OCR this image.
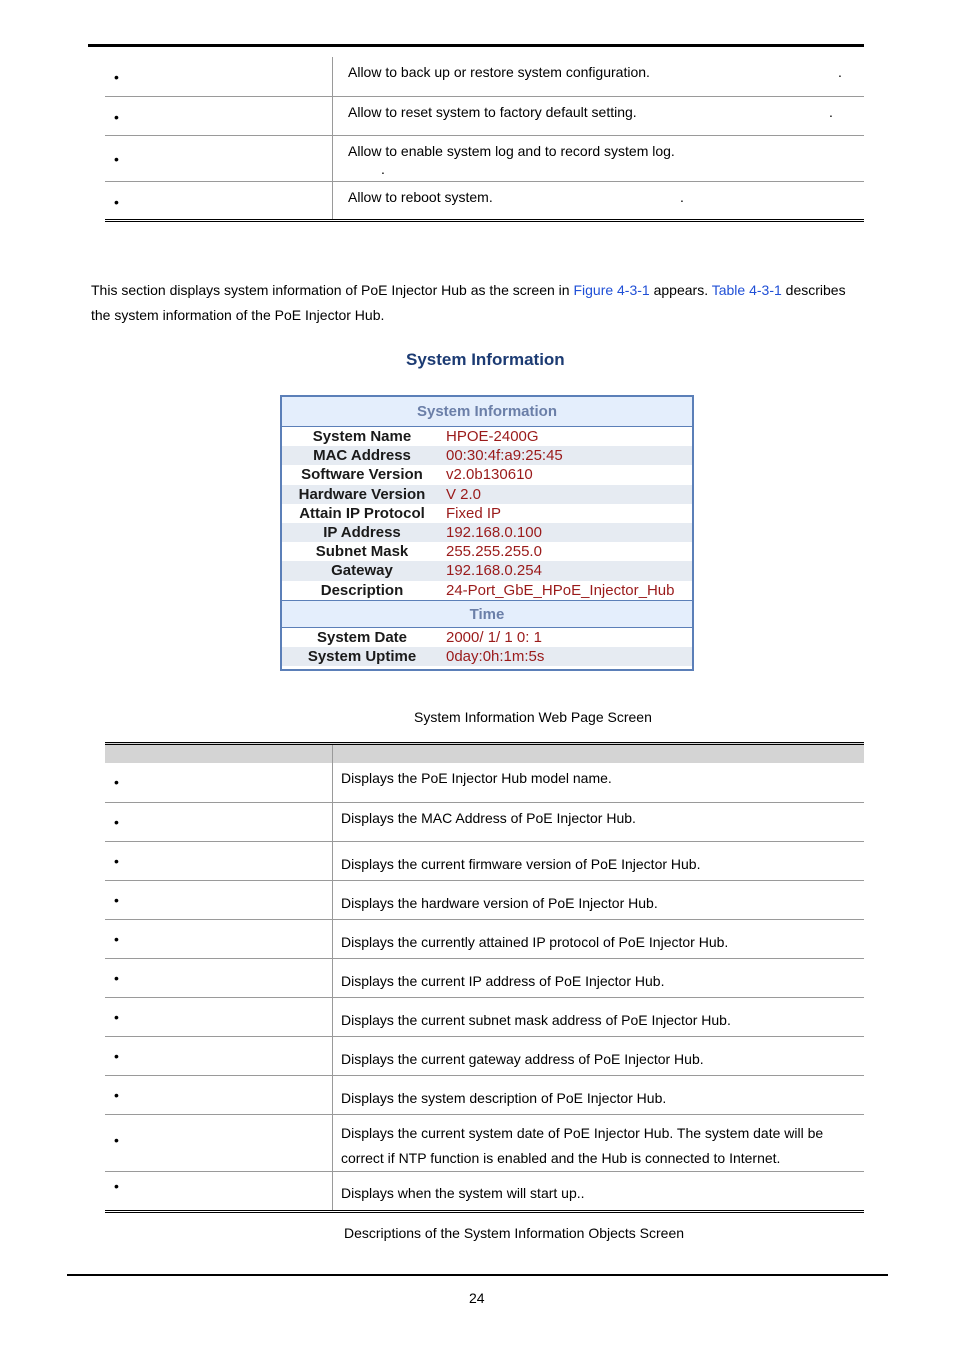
•	Allow to back up or restore system configuration. .

•	Allow to reset system to factory default setting. .

•	Allow to enable system log and to record system log.
.

•	Allow to reboot system. .
This section displays system information of PoE Injector Hub as the screen in Figure 4-3-1 appears. Table 4-3-1 describes the system information of the PoE Injector Hub.
System Information
System Information
System Name	HPOE-2400G
MAC Address	00:30:4f:a9:25:45
Software Version	v2.0b130610
Hardware Version	V 2.0
Attain IP Protocol	Fixed IP
IP Address	192.168.0.100
Subnet Mask	255.255.255.0
Gateway	192.168.0.254
Description	24-Port_GbE_HPoE_Injector_Hub
Time
System Date	2000/ 1/ 1 0: 1
System Uptime	0day:0h:1m:5s
System Information Web Page Screen
•	Displays the PoE Injector Hub model name.

•	Displays the MAC Address of PoE Injector Hub.

•	Displays the current firmware version of PoE Injector Hub.

•	Displays the hardware version of PoE Injector Hub.

•	Displays the currently attained IP protocol of PoE Injector Hub.

•	Displays the current IP address of PoE Injector Hub.

•	Displays the current subnet mask address of PoE Injector Hub.

•	Displays the current gateway address of PoE Injector Hub.

•	Displays the system description of PoE Injector Hub.

•	Displays the current system date of PoE Injector Hub. The system date will be correct if NTP function is enabled and the Hub is connected to Internet.

•	Displays when the system will start up..
Descriptions of the System Information Objects Screen
24
